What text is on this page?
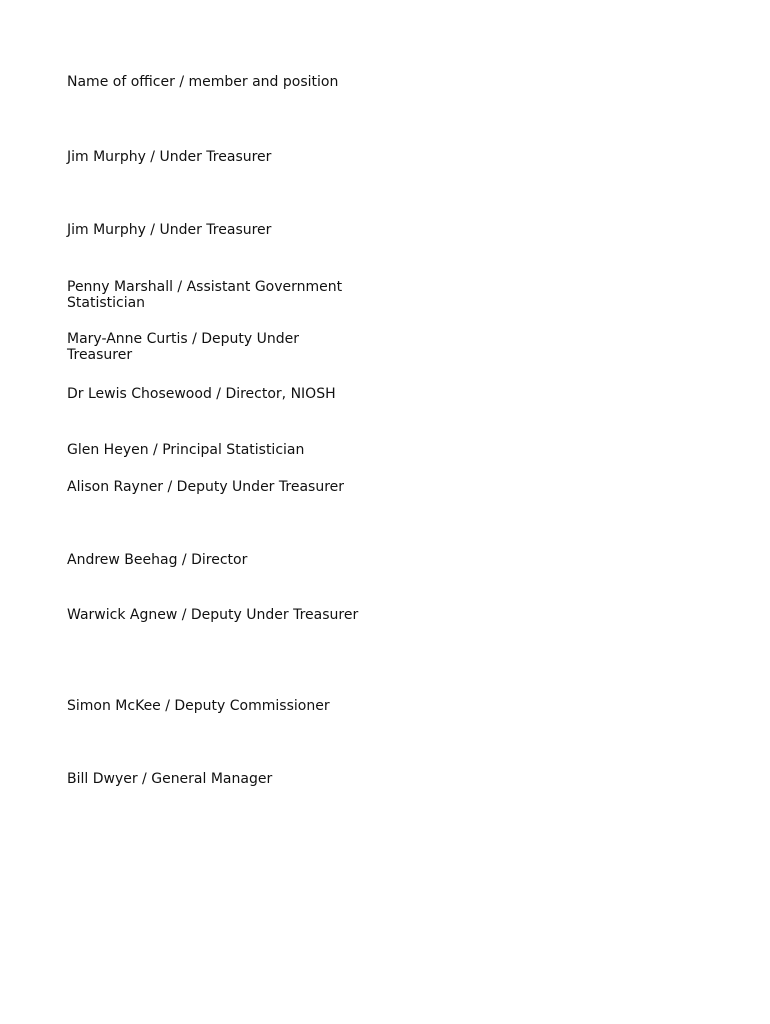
Name of officer / member and position
Jim Murphy / Under Treasurer
Jim Murphy / Under Treasurer
Penny Marshall / Assistant Government Statistician
Mary-Anne Curtis / Deputy Under Treasurer
Dr Lewis Chosewood / Director, NIOSH
Glen Heyen / Principal Statistician
Alison Rayner / Deputy Under Treasurer
Andrew Beehag / Director
Warwick Agnew / Deputy Under Treasurer
Simon McKee / Deputy Commissioner
Bill Dwyer / General Manager
